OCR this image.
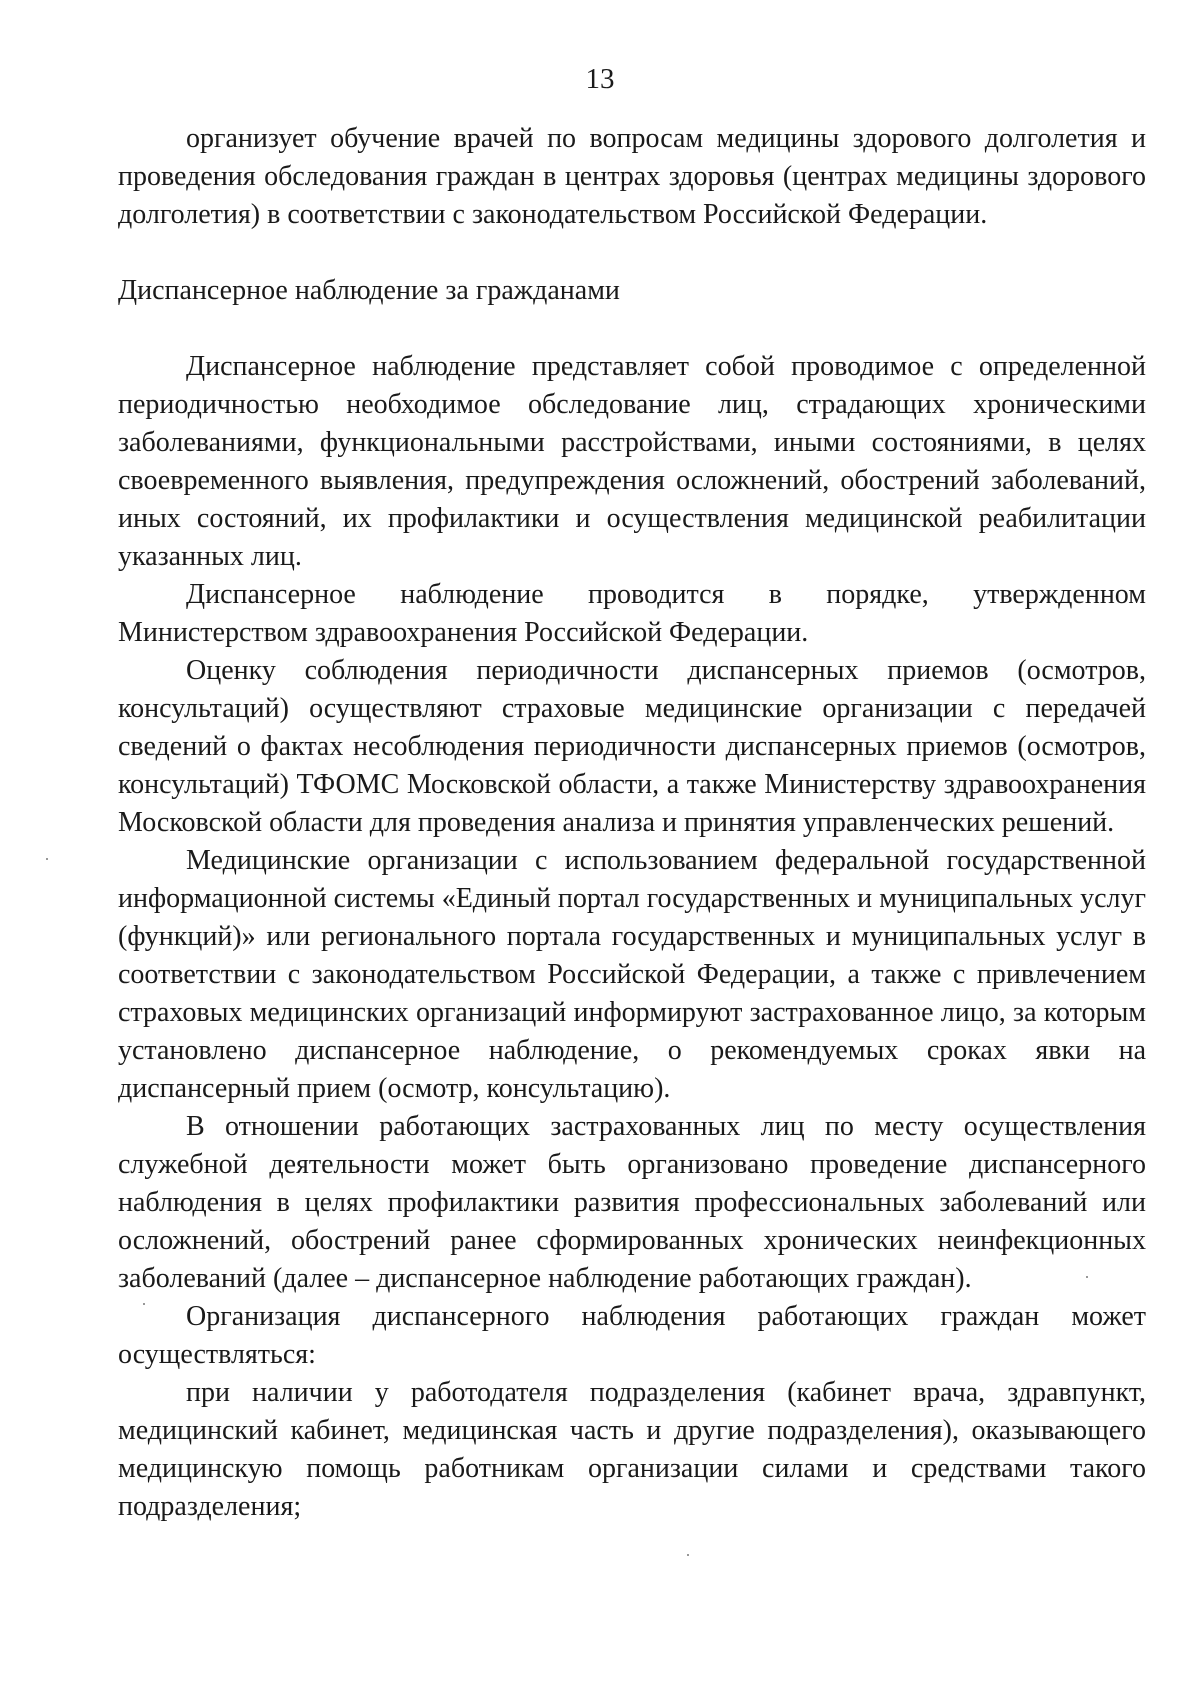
13

организует обучение врачей по вопросам медицины здорового долголетия и проведения обследования граждан в центрах здоровья (центрах медицины здорового долголетия) в соответствии с законодательством Российской Федерации.

Диспансерное наблюдение за гражданами

Диспансерное наблюдение представляет собой проводимое с определенной периодичностью необходимое обследование лиц, страдающих хроническими заболеваниями, функциональными расстройствами, иными состояниями, в целях своевременного выявления, предупреждения осложнений, обострений заболеваний, иных состояний, их профилактики и осуществления медицинской реабилитации указанных лиц.

Диспансерное наблюдение проводится в порядке, утвержденном Министерством здравоохранения Российской Федерации.

Оценку соблюдения периодичности диспансерных приемов (осмотров, консультаций) осуществляют страховые медицинские организации с передачей сведений о фактах несоблюдения периодичности диспансерных приемов (осмотров, консультаций) ТФОМС Московской области, а также Министерству здравоохранения Московской области для проведения анализа и принятия управленческих решений.

Медицинские организации с использованием федеральной государственной информационной системы «Единый портал государственных и муниципальных услуг (функций)» или регионального портала государственных и муниципальных услуг в соответствии с законодательством Российской Федерации, а также с привлечением страховых медицинских организаций информируют застрахованное лицо, за которым установлено диспансерное наблюдение, о рекомендуемых сроках явки на диспансерный прием (осмотр, консультацию).

В отношении работающих застрахованных лиц по месту осуществления служебной деятельности может быть организовано проведение диспансерного наблюдения в целях профилактики развития профессиональных заболеваний или осложнений, обострений ранее сформированных хронических неинфекционных заболеваний (далее – диспансерное наблюдение работающих граждан).

Организация диспансерного наблюдения работающих граждан может осуществляться:

при наличии у работодателя подразделения (кабинет врача, здравпункт, медицинский кабинет, медицинская часть и другие подразделения), оказывающего медицинскую помощь работникам организации силами и средствами такого подразделения;
